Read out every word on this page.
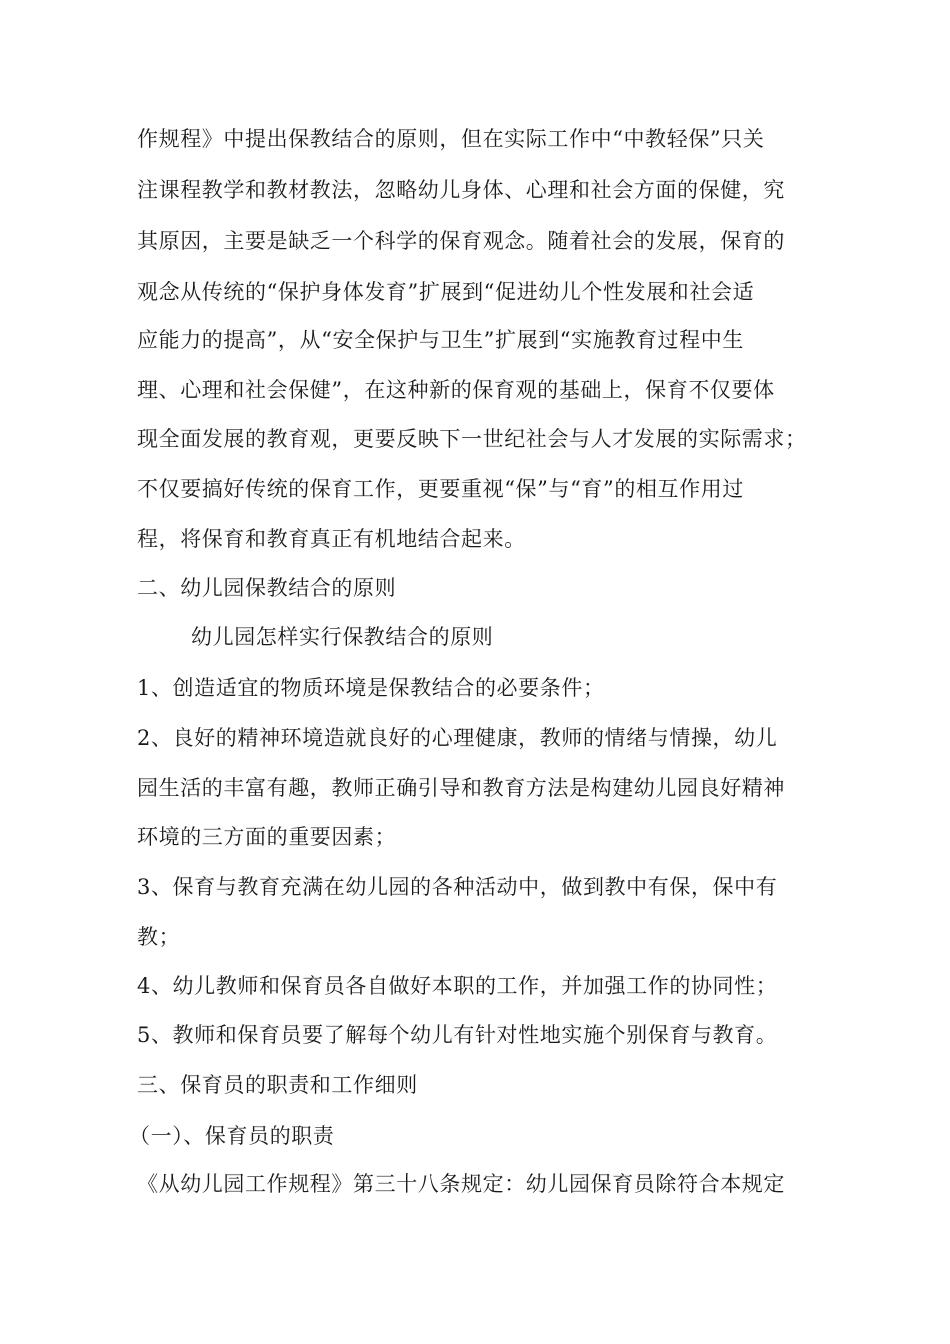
作规程》中提出保教结合的原则，但在实际工作中“中教轻保”只关
注课程教学和教材教法，忽略幼儿身体、心理和社会方面的保健，究
其原因，主要是缺乏一个科学的保育观念。随着社会的发展，保育的
观念从传统的“保护身体发育”扩展到“促进幼儿个性发展和社会适
应能力的提高”，从“安全保护与卫生”扩展到“实施教育过程中生
理、心理和社会保健”，在这种新的保育观的基础上，保育不仅要体
现全面发展的教育观，更要反映下一世纪社会与人才发展的实际需求；
不仅要搞好传统的保育工作，更要重视“保”与“育”的相互作用过
程，将保育和教育真正有机地结合起来。
二、幼儿园保教结合的原则
幼儿园怎样实行保教结合的原则
1、创造适宜的物质环境是保教结合的必要条件；
2、良好的精神环境造就良好的心理健康，教师的情绪与情操，幼儿
园生活的丰富有趣，教师正确引导和教育方法是构建幼儿园良好精神
环境的三方面的重要因素；
3、保育与教育充满在幼儿园的各种活动中，做到教中有保，保中有
教；
4、幼儿教师和保育员各自做好本职的工作，并加强工作的协同性；
5、教师和保育员要了解每个幼儿有针对性地实施个别保育与教育。
三、保育员的职责和工作细则
（一）、保育员的职责
《从幼儿园工作规程》第三十八条规定：幼儿园保育员除符合本规定
